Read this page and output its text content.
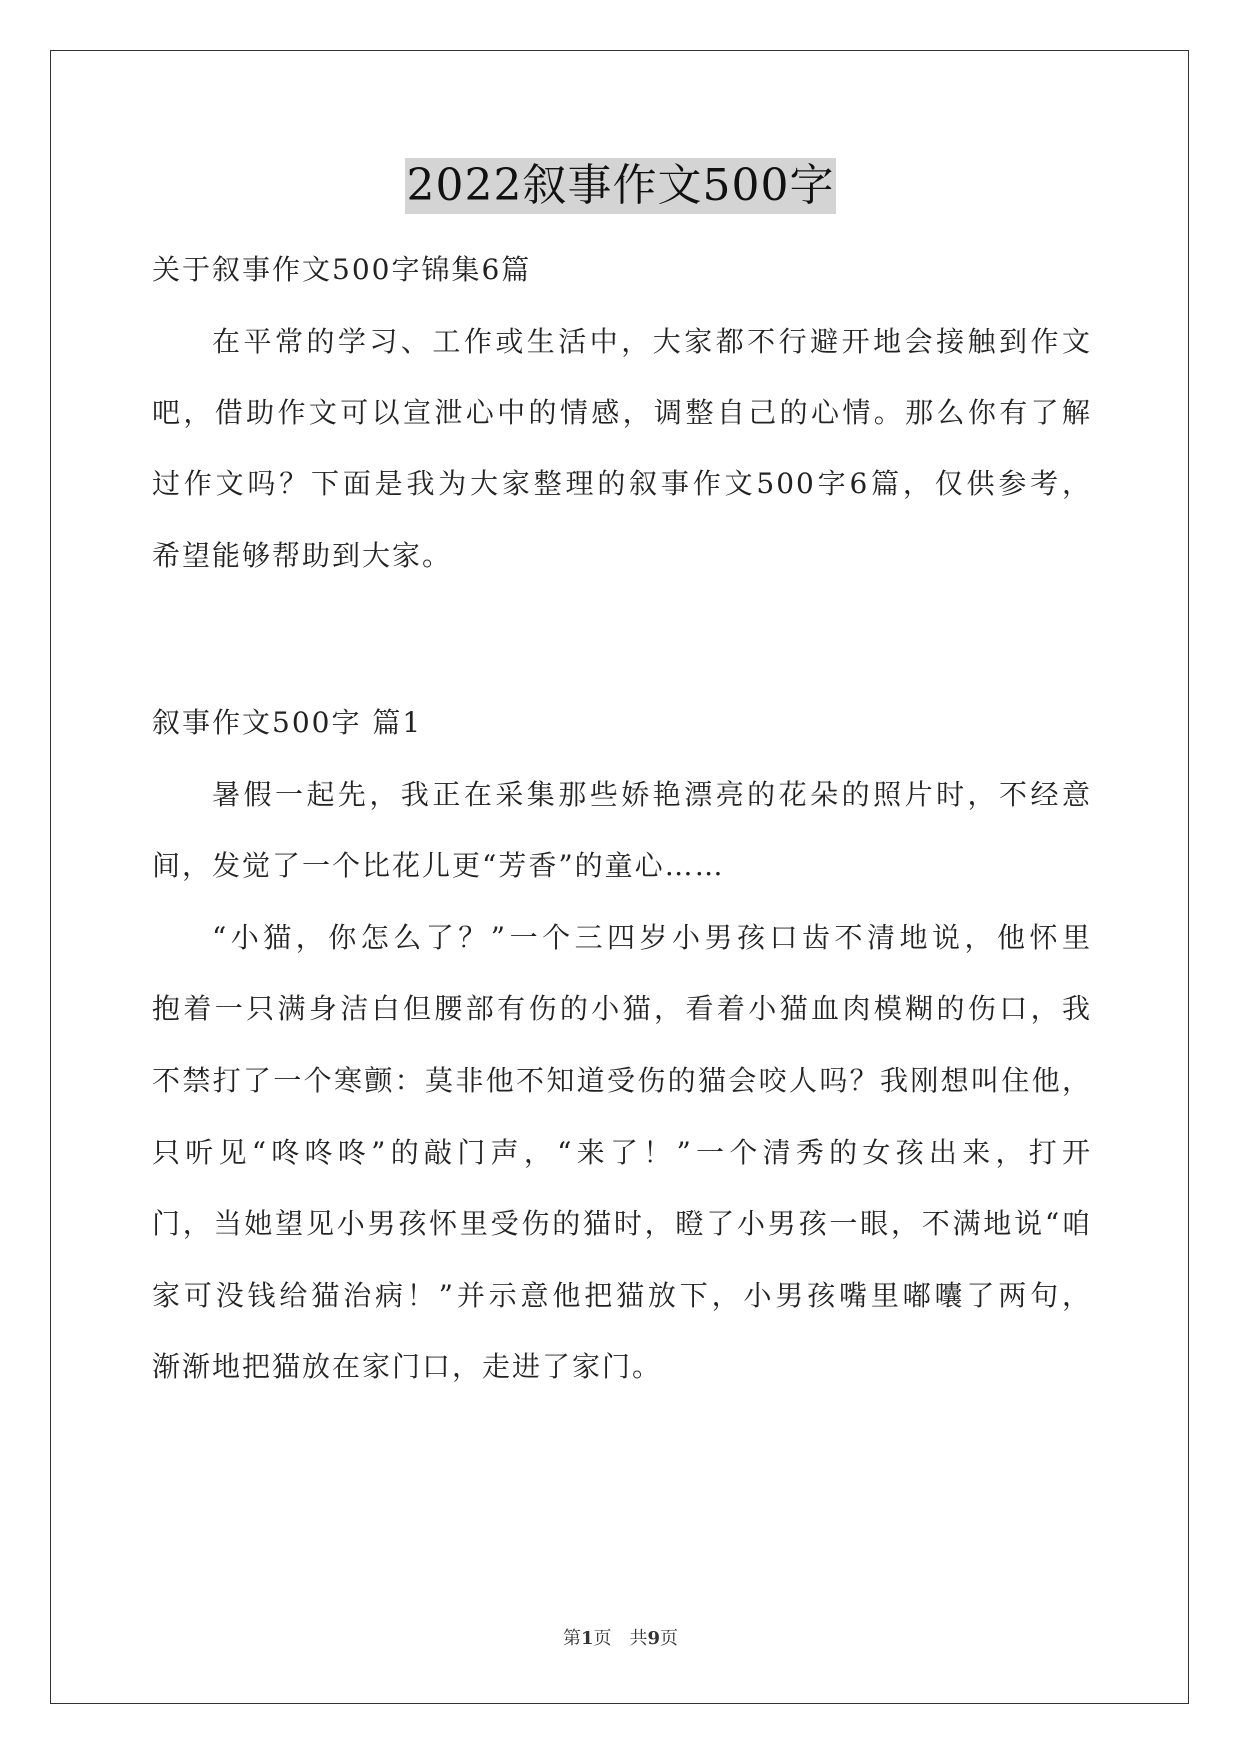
2022叙事作文500字
关于叙事作文500字锦集6篇
在平常的学习、工作或生活中，大家都不行避开地会接触到作文
吧，借助作文可以宣泄心中的情感，调整自己的心情。那么你有了解
过作文吗？下面是我为大家整理的叙事作文500字6篇，仅供参考，
希望能够帮助到大家。
叙事作文500字 篇1
暑假一起先，我正在采集那些娇艳漂亮的花朵的照片时，不经意
间，发觉了一个比花儿更“芳香”的童心……
“小猫，你怎么了？”一个三四岁小男孩口齿不清地说，他怀里
抱着一只满身洁白但腰部有伤的小猫，看着小猫血肉模糊的伤口，我
不禁打了一个寒颤：莫非他不知道受伤的猫会咬人吗？我刚想叫住他，
只听见“咚咚咚”的敲门声，“来了！”一个清秀的女孩出来，打开
门，当她望见小男孩怀里受伤的猫时，瞪了小男孩一眼，不满地说“咱
家可没钱给猫治病！”并示意他把猫放下，小男孩嘴里嘟囔了两句，
渐渐地把猫放在家门口，走进了家门。
第1页　共9页
